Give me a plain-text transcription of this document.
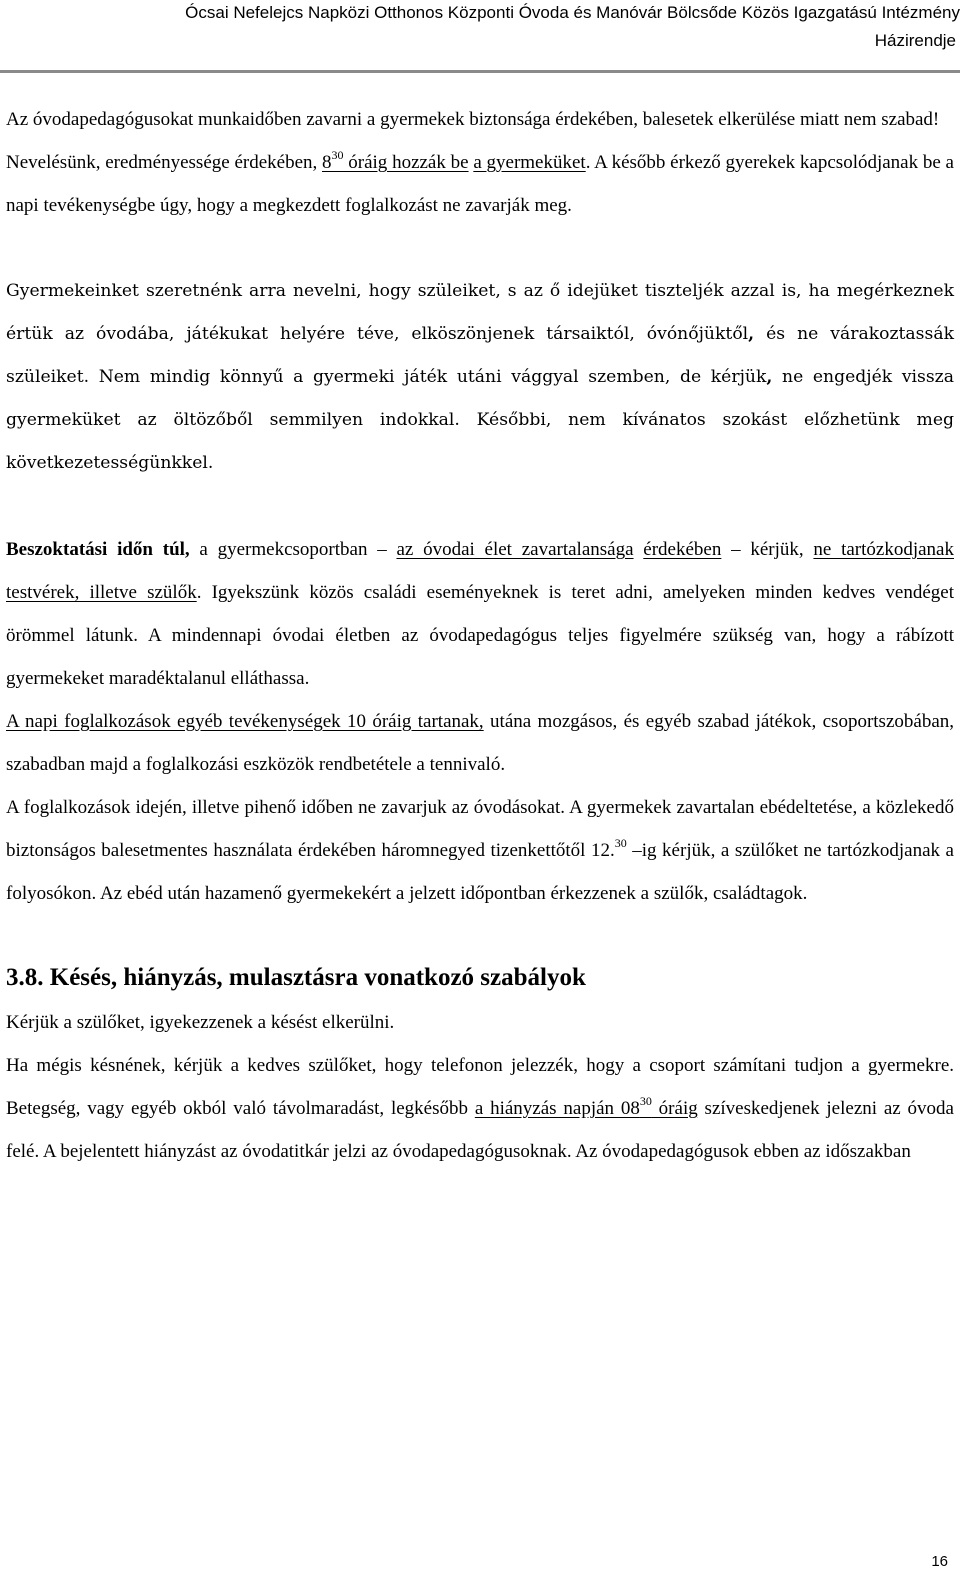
Ócsai Nefelejcs Napközi Otthonos Központi Óvoda és Manóvár Bölcsőde Közös Igazgatású Intézmény
Házirendje

Az óvodapedagógusokat munkaidőben zavarni a gyermekek biztonsága érdekében, balesetek elkerülése miatt nem szabad!

Nevelésünk, eredményessége érdekében, $8^{30}$ óráig hozzák be a gyermeküket. A később érkező gyerekek kapcsolódjanak be a napi tevékenységbe úgy, hogy a megkezdett foglalkozást ne zavarják meg.

Gyermekeinket szeretnénk arra nevelni, hogy szüleiket, s az ő idejüket tiszteljék azzal is, ha megérkeznek értük az óvodába, játékukat helyére téve, elköszönjenek társaiktól, óvónőjüktől, és ne várakoztassák szüleiket. Nem mindig könnyű a gyermeki játék utáni vággyal szemben, de kérjük, ne engedjék vissza gyermeküket az öltözőből semmilyen indokkal. Későbbi, nem kívánatos szokást előzhetünk meg következetességünkkel.

Beszoktatási időn túl, a gyermekcsoportban – az óvodai élet zavartalansága érdekében – kérjük, ne tartózkodjanak testvérek, illetve szülők. Igyekszünk közös családi eseményeknek is teret adni, amelyeken minden kedves vendéget örömmel látunk. A mindennapi óvodai életben az óvodapedagógus teljes figyelmére szükség van, hogy a rábízott gyermekeket maradéktalanul elláthassa.

A napi foglalkozások egyéb tevékenységek 10 óráig tartanak, utána mozgásos, és egyéb szabad játékok, csoportszobában, szabadban majd a foglalkozási eszközök rendbetétele a tennivaló.

A foglalkozások idején, illetve pihenő időben ne zavarjuk az óvodásokat. A gyermekek zavartalan ebédeltetése, a közlekedő biztonságos balesetmentes használata érdekében háromnegyed tizenkettőtől 12.30 –ig kérjük, a szülőket ne tartózkodjanak a folyosókon. Az ebéd után hazamenő gyermekekért a jelzett időpontban érkezzenek a szülők, családtagok.

3.8. Késés, hiányzás, mulasztásra vonatkozó szabályok

Kérjük a szülőket, igyekezzenek a késést elkerülni.

Ha mégis késnének, kérjük a kedves szülőket, hogy telefonon jelezzék, hogy a csoport számítani tudjon a gyermekre. Betegség, vagy egyéb okból való távolmaradást, legkésőbb a hiányzás napján $08^{30}$ óráig szíveskedjenek jelezni az óvoda felé. A bejelentett hiányzást az óvodatitkár jelzi az óvodapedagógusoknak. Az óvodapedagógusok ebben az időszakban

16
